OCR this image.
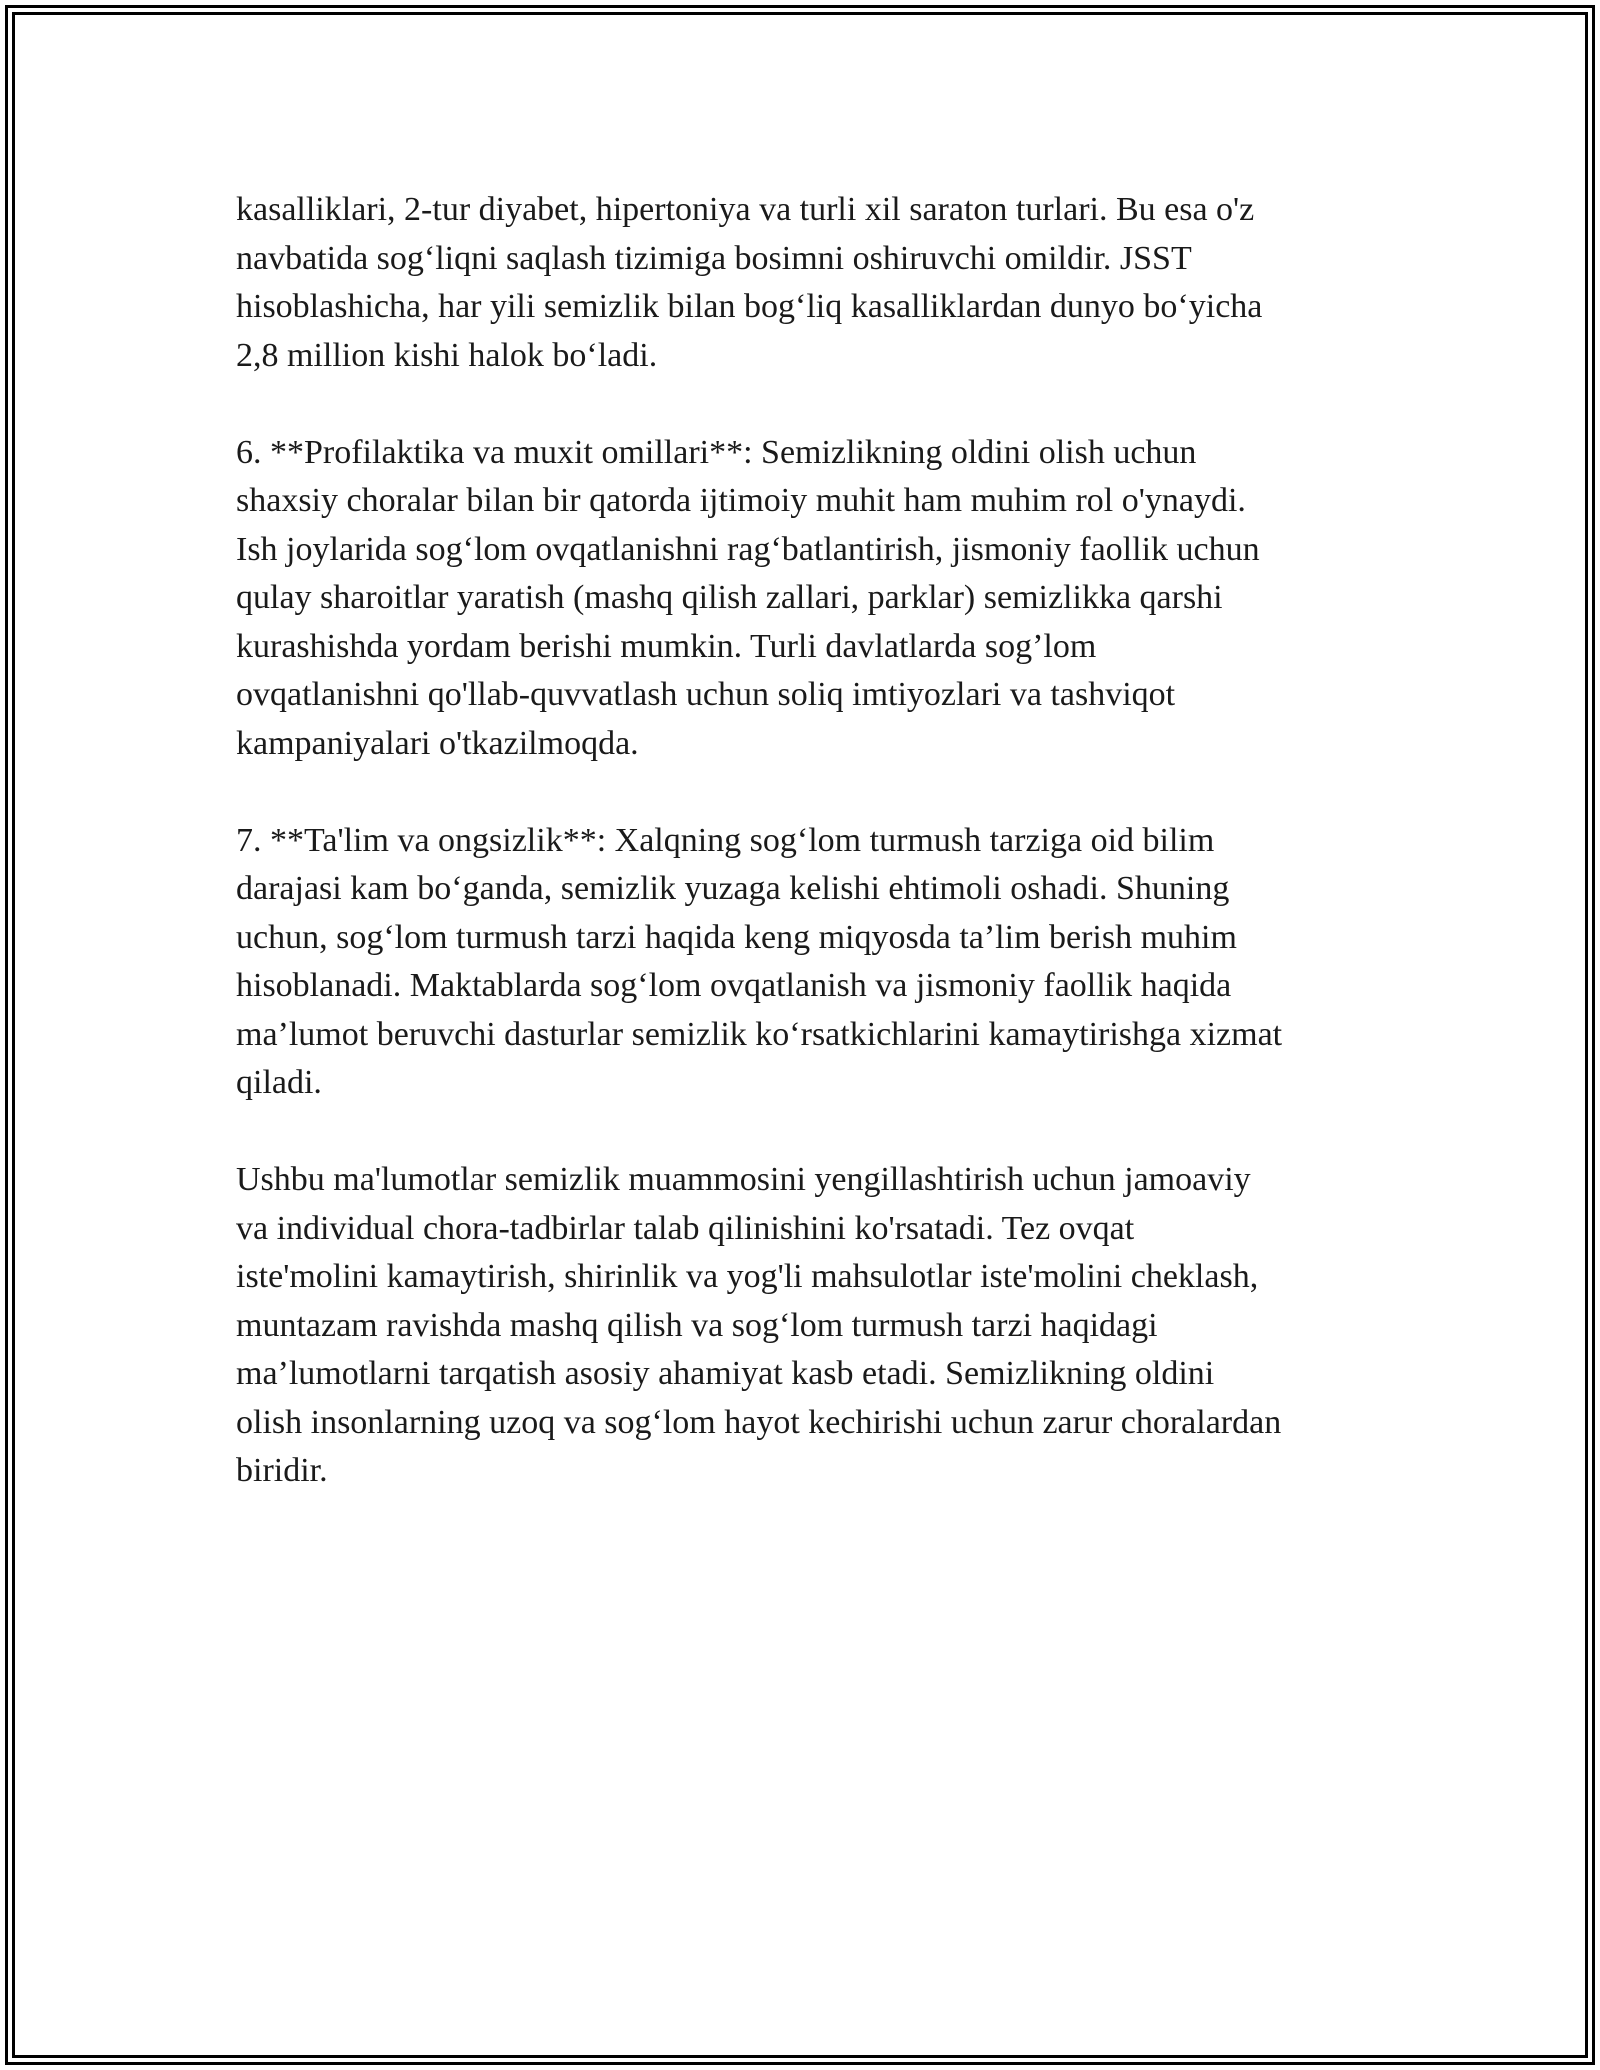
kasalliklari, 2-tur diyabet, hipertoniya va turli xil saraton turlari. Bu esa o'z
navbatida sog‘liqni saqlash tizimiga bosimni oshiruvchi omildir. JSST
hisoblashicha, har yili semizlik bilan bog‘liq kasalliklardan dunyo bo‘yicha
2,8 million kishi halok bo‘ladi.

6. **Profilaktika va muxit omillari**: Semizlikning oldini olish uchun
shaxsiy choralar bilan bir qatorda ijtimoiy muhit ham muhim rol o'ynaydi.
Ish joylarida sog‘lom ovqatlanishni rag‘batlantirish, jismoniy faollik uchun
qulay sharoitlar yaratish (mashq qilish zallari, parklar) semizlikka qarshi
kurashishda yordam berishi mumkin. Turli davlatlarda sog’lom
ovqatlanishni qo'llab-quvvatlash uchun soliq imtiyozlari va tashviqot
kampaniyalari o'tkazilmoqda.

7. **Ta'lim va ongsizlik**: Xalqning sog‘lom turmush tarziga oid bilim
darajasi kam bo‘ganda, semizlik yuzaga kelishi ehtimoli oshadi. Shuning
uchun, sog‘lom turmush tarzi haqida keng miqyosda ta’lim berish muhim
hisoblanadi. Maktablarda sog‘lom ovqatlanish va jismoniy faollik haqida
ma’lumot beruvchi dasturlar semizlik ko‘rsatkichlarini kamaytirishga xizmat
qiladi.

Ushbu ma'lumotlar semizlik muammosini yengillashtirish uchun jamoaviy
va individual chora-tadbirlar talab qilinishini ko'rsatadi. Tez ovqat
iste'molini kamaytirish, shirinlik va yog'li mahsulotlar iste'molini cheklash,
muntazam ravishda mashq qilish va sog‘lom turmush tarzi haqidagi
ma’lumotlarni tarqatish asosiy ahamiyat kasb etadi. Semizlikning oldini
olish insonlarning uzoq va sog‘lom hayot kechirishi uchun zarur choralardan
biridir.
